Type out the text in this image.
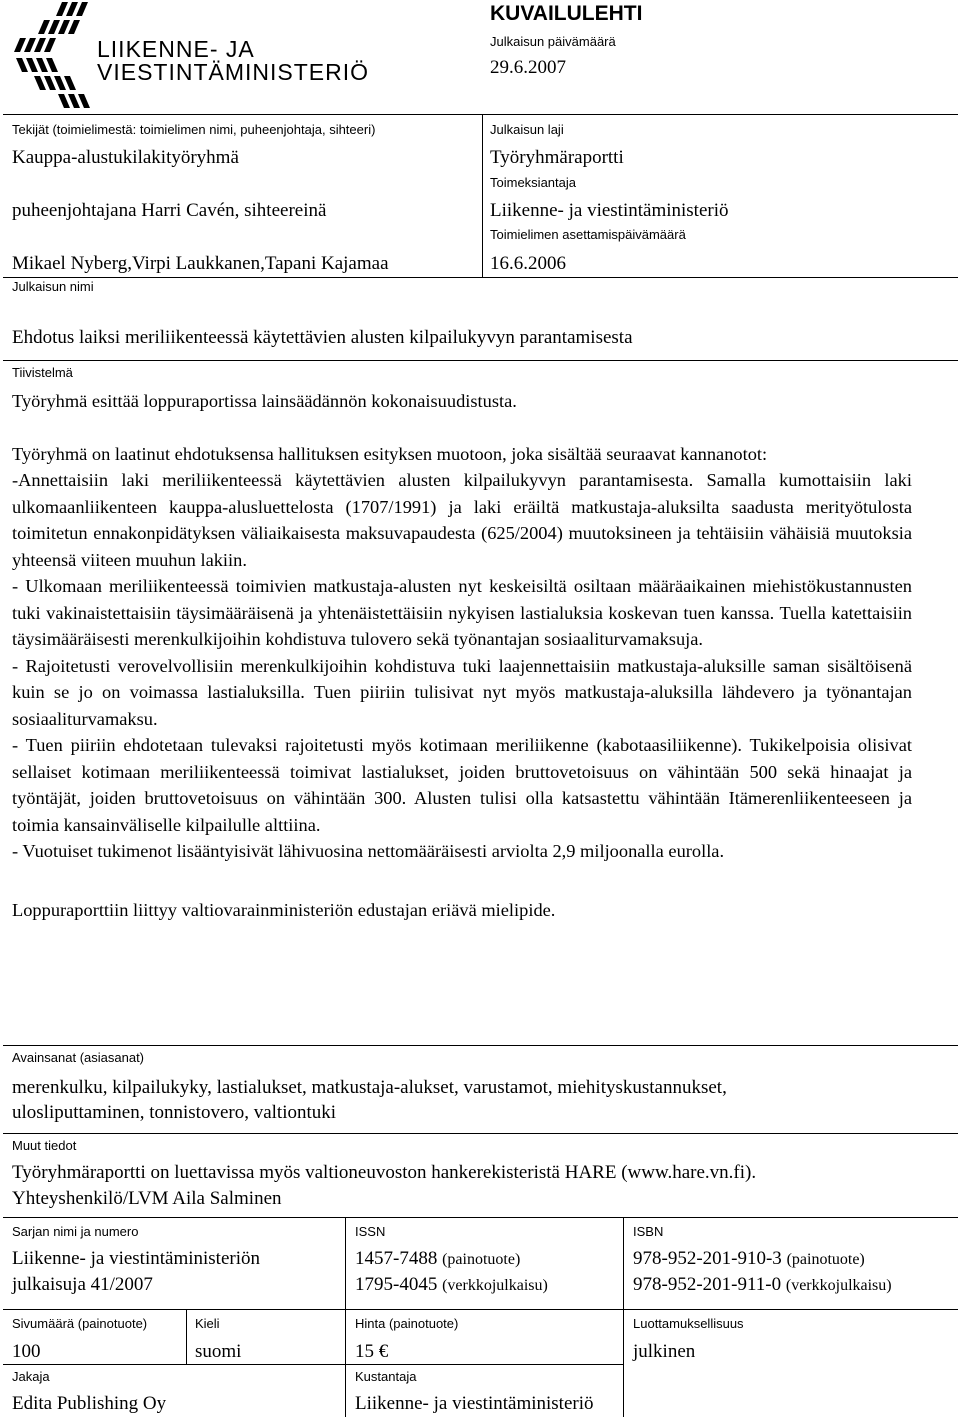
LIIKENNE- JA
VIESTINTÄMINISTERIÖ
KUVAILULEHTI
Julkaisun päivämäärä
29.6.2007
Tekijät (toimielimestä: toimielimen nimi, puheenjohtaja, sihteeri)
Kauppa-alustukilakityöryhmä
puheenjohtajana Harri Cavén, sihteereinä
Mikael Nyberg,Virpi Laukkanen,Tapani Kajamaa
Julkaisun laji
Työryhmäraportti
Toimeksiantaja
Liikenne- ja viestintäministeriö
Toimielimen asettamispäivämäärä
16.6.2006
Julkaisun nimi
Ehdotus laiksi meriliikenteessä käytettävien alusten kilpailukyvyn parantamisesta
Tiivistelmä

Työryhmä esittää loppuraportissa lainsäädännön kokonaisuudistusta.

Työryhmä on laatinut ehdotuksensa hallituksen esityksen muotoon, joka sisältää seuraavat kannanotot:

-Annettaisiin laki meriliikenteessä käytettävien alusten kilpailukyvyn parantamisesta. Samalla kumottaisiin laki ulkomaanliikenteen kauppa-alusluettelosta (1707/1991) ja laki eräiltä matkustaja-aluksilta saadusta merityötulosta toimitetun ennakonpidätyksen väliaikaisesta maksuvapaudesta (625/2004) muutoksineen ja tehtäisiin vähäisiä muutoksia yhteensä viiteen muuhun lakiin.

- Ulkomaan meriliikenteessä toimivien matkustaja-alusten nyt keskeisiltä osiltaan määräaikainen miehistökustannusten tuki vakinaistettaisiin täysimääräisenä ja yhtenäistettäisiin nykyisen lastialuksia koskevan tuen kanssa. Tuella katettaisiin täysimääräisesti merenkulkijoihin kohdistuva tulovero sekä työnantajan sosiaaliturvamaksuja.

- Rajoitetusti verovelvollisiin merenkulkijoihin kohdistuva tuki laajennettaisiin matkustaja-aluksille saman sisältöisenä kuin se jo on voimassa lastialuksilla. Tuen piiriin tulisivat nyt myös matkustaja-aluksilla lähdevero ja työnantajan sosiaaliturvamaksu.

- Tuen piiriin ehdotetaan tulevaksi rajoitetusti myös kotimaan meriliikenne (kabotaasiliikenne). Tukikelpoisia olisivat sellaiset kotimaan meriliikenteessä toimivat lastialukset, joiden bruttovetoisuus on vähintään 500 sekä hinaajat ja työntäjät, joiden bruttovetoisuus on vähintään 300. Alusten tulisi olla katsastettu vähintään Itämerenliikenteeseen ja toimia kansainväliselle kilpailulle alttiina.

- Vuotuiset tukimenot lisääntyisivät lähivuosina nettomääräisesti arviolta 2,9 miljoonalla eurolla.

Loppuraporttiin liittyy valtiovarainministeriön edustajan eriävä mielipide.

Avainsanat (asiasanat)
merenkulku, kilpailukyky, lastialukset, matkustaja-alukset, varustamot, miehityskustannukset,
ulosliputtaminen, tonnistovero, valtiontuki
Muut tiedot
Työryhmäraportti on luettavissa myös valtioneuvoston hankerekisteristä HARE (www.hare.vn.fi).
Yhteyshenkilö/LVM Aila Salminen
Sarjan nimi ja numero
Liikenne- ja viestintäministeriön
julkaisuja 41/2007
ISSN
1457-7488 (painotuote)
1795-4045 (verkkojulkaisu)
ISBN
978-952-201-910-3 (painotuote)
978-952-201-911-0 (verkkojulkaisu)
Sivumäärä (painotuote)
100
Kieli
suomi
Hinta (painotuote)
15 €
Luottamuksellisuus
julkinen
Jakaja
Edita Publishing Oy
Kustantaja
Liikenne- ja viestintäministeriö
